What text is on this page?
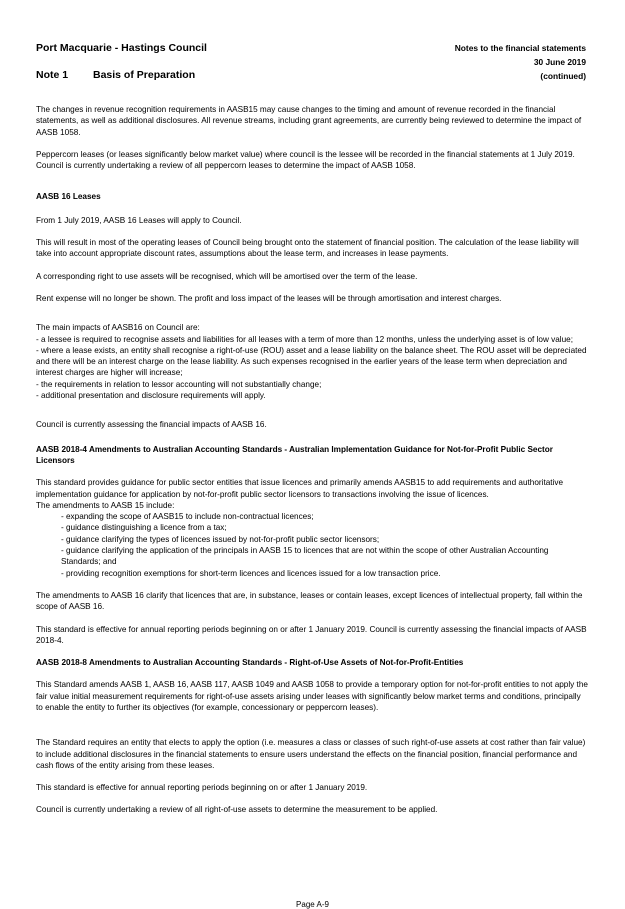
Port Macquarie - Hastings Council
Note 1 Basis of Preparation
Notes to the financial statements
30 June 2019
(continued)

The changes in revenue recognition requirements in AASB15 may cause changes to the timing and amount of revenue recorded in the financial statements, as well as additional disclosures. All revenue streams, including grant agreements, are currently being reviewed to determine the impact of AASB 1058.

Peppercorn leases (or leases significantly below market value) where council is the lessee will be recorded in the financial statements at 1 July 2019. Council is currently undertaking a review of all peppercorn leases to determine the impact of AASB 1058.

AASB 16 Leases

From 1 July 2019, AASB 16 Leases will apply to Council.

This will result in most of the operating leases of Council being brought onto the statement of financial position. The calculation of the lease liability will take into account appropriate discount rates, assumptions about the lease term, and increases in lease payments.

A corresponding right to use assets will be recognised, which will be amortised over the term of the lease.

Rent expense will no longer be shown. The profit and loss impact of the leases will be through amortisation and interest charges.

The main impacts of AASB16 on Council are:

- a lessee is required to recognise assets and liabilities for all leases with a term of more than 12 months, unless the underlying asset is of low value;

- where a lease exists, an entity shall recognise a right-of-use (ROU) asset and a lease liability on the balance sheet. The ROU asset will be depreciated and there will be an interest charge on the lease liability. As such expenses recognised in the earlier years of the lease term when depreciation and interest charges are higher will increase;

- the requirements in relation to lessor accounting will not substantially change;

- additional presentation and disclosure requirements will apply.

Council is currently assessing the financial impacts of AASB 16.

AASB 2018-4 Amendments to Australian Accounting Standards - Australian Implementation Guidance for Not-for-Profit Public Sector Licensors

This standard provides guidance for public sector entities that issue licences and primarily amends AASB15 to add requirements and authoritative implementation guidance for application by not-for-profit public sector licensors to transactions involving the issue of licences.

The amendments to AASB 15 include:

- expanding the scope of AASB15 to include non-contractual licences;

- guidance distinguishing a licence from a tax;

- guidance clarifying the types of licences issued by not-for-profit public sector licensors;

- guidance clarifying the application of the principals in AASB 15 to licences that are not within the scope of other Australian Accounting Standards; and

- providing recognition exemptions for short-term licences and licences issued for a low transaction price.

The amendments to AASB 16 clarify that licences that are, in substance, leases or contain leases, except licences of intellectual property, fall within the scope of AASB 16.

This standard is effective for annual reporting periods beginning on or after 1 January 2019. Council is currently assessing the financial impacts of AASB 2018-4.

AASB 2018-8 Amendments to Australian Accounting Standards - Right-of-Use Assets of Not-for-Profit-Entities

This Standard amends AASB 1, AASB 16, AASB 117, AASB 1049 and AASB 1058 to provide a temporary option for not-for-profit entities to not apply the fair value initial measurement requirements for right-of-use assets arising under leases with significantly below market terms and conditions, principally to enable the entity to further its objectives (for example, concessionary or peppercorn leases).

The Standard requires an entity that elects to apply the option (i.e. measures a class or classes of such right-of-use assets at cost rather than fair value) to include additional disclosures in the financial statements to ensure users understand the effects on the financial position, financial performance and cash flows of the entity arising from these leases.

This standard is effective for annual reporting periods beginning on or after 1 January 2019.

Council is currently undertaking a review of all right-of-use assets to determine the measurement to be applied.

Page A-9
